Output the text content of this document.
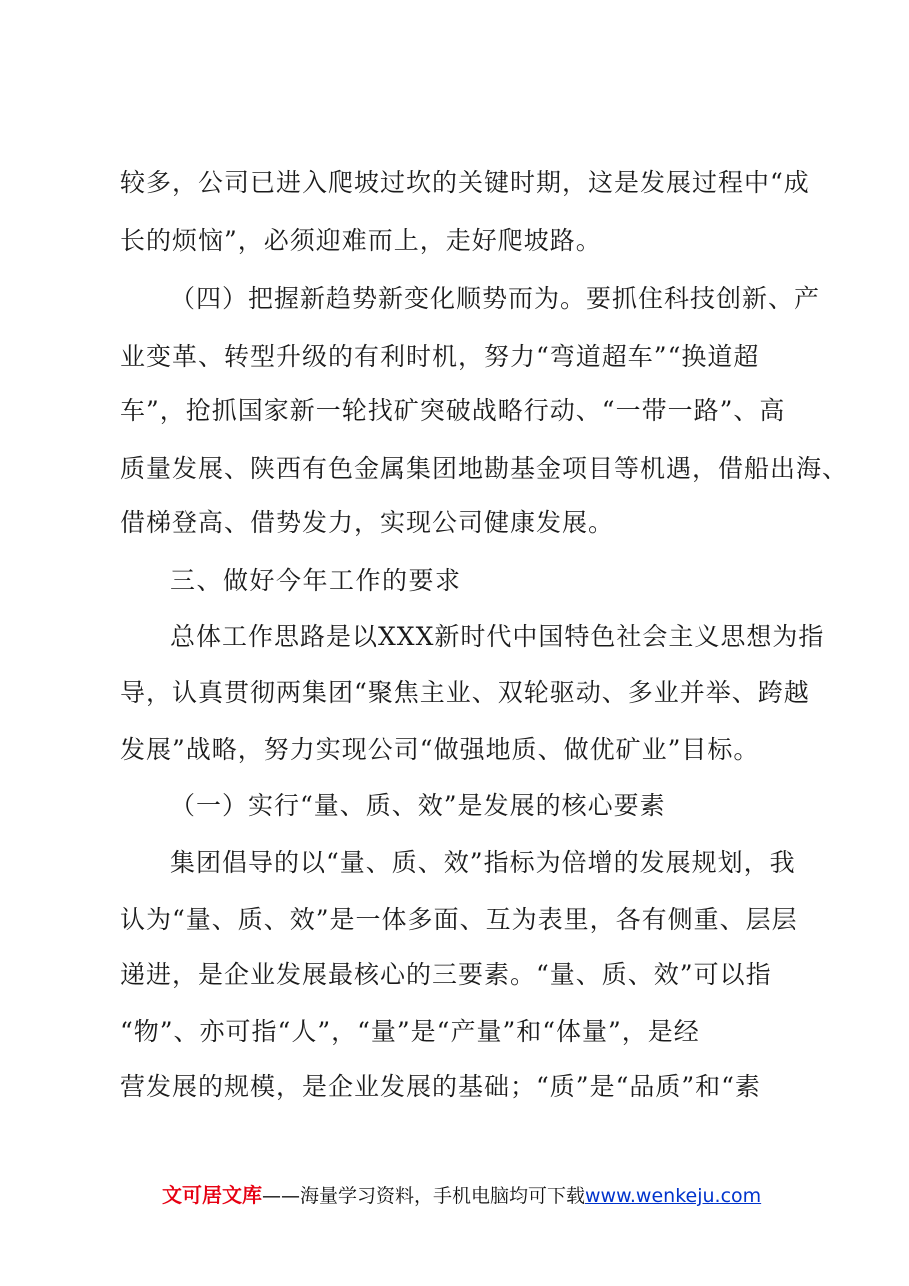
较多，公司已进入爬坡过坎的关键时期，这是发展过程中“成
长的烦恼”，必须迎难而上，走好爬坡路。
（四）把握新趋势新变化顺势而为。要抓住科技创新、产
业变革、转型升级的有利时机，努力“弯道超车”“换道超
车”，抢抓国家新一轮找矿突破战略行动、“一带一路”、高
质量发展、陕西有色金属集团地勘基金项目等机遇，借船出海、
借梯登高、借势发力，实现公司健康发展。
三、做好今年工作的要求
总体工作思路是以XXX新时代中国特色社会主义思想为指
导，认真贯彻两集团“聚焦主业、双轮驱动、多业并举、跨越
发展”战略，努力实现公司“做强地质、做优矿业”目标。
（一）实行“量、质、效”是发展的核心要素
集团倡导的以“量、质、效”指标为倍增的发展规划，我
认为“量、质、效”是一体多面、互为表里，各有侧重、层层
递进，是企业发展最核心的三要素。“量、质、效”可以指
“物”、亦可指“人”，“量”是“产量”和“体量”，是经
营发展的规模，是企业发展的基础；“质”是“品质”和“素
文可居文库——海量学习资料，手机电脑均可下载www.wenkeju.com
